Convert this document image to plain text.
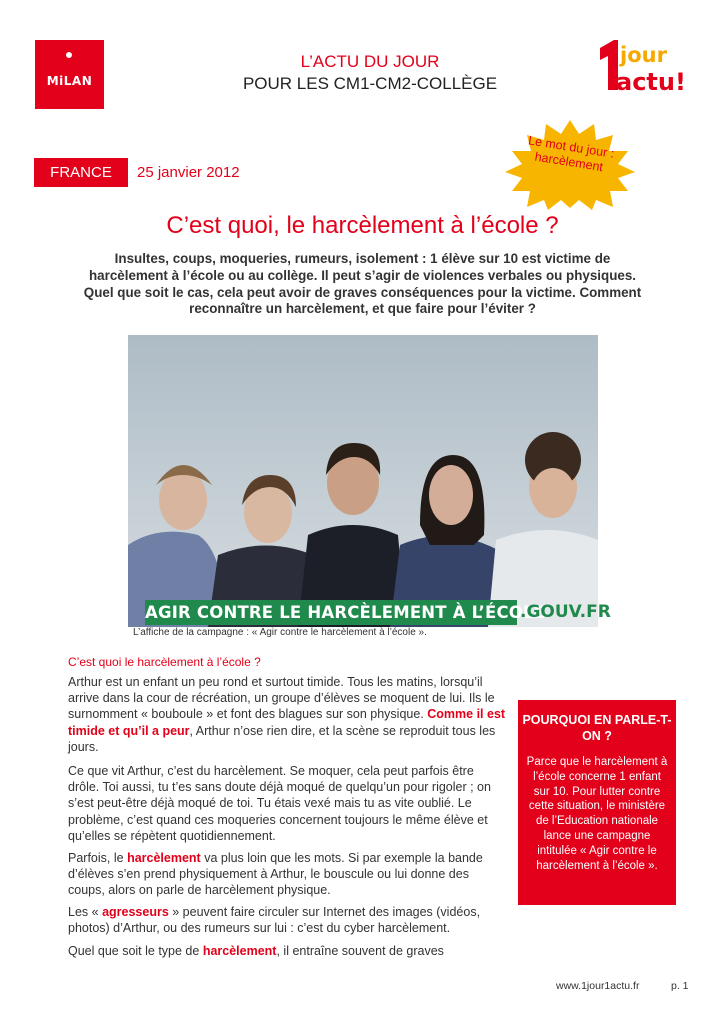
MiLAN
L’ACTU DU JOUR
POUR LES CM1-CM2-COLLÈGE
jour
actu!
Le mot du jour : harcèlement
FRANCE	25 janvier 2012
C’est quoi, le harcèlement à l’école ?
Insultes, coups, moqueries, rumeurs, isolement : 1 élève sur 10 est victime de
harcèlement à l’école ou au collège. Il peut s’agir de violences verbales ou physiques.
Quel que soit le cas, cela peut avoir de graves conséquences pour la victime. Comment
reconnaître un harcèlement, et que faire pour l’éviter ?
AGIR CONTRE LE HARCÈLEMENT À L’ÉCOLE
.GOUV.FR
L’affiche de la campagne : « Agir contre le harcèlement à l’école ».
C’est quoi le harcèlement à l’école ?

Arthur est un enfant un peu rond et surtout timide. Tous les matins, lorsqu’il arrive dans la cour de récréation, un groupe d’élèves se moquent de lui. Ils le surnomment « bouboule » et font des blagues sur son physique. Comme il est timide et qu’il a peur, Arthur n’ose rien dire, et la scène se reproduit tous les jours.

Ce que vit Arthur, c’est du harcèlement. Se moquer, cela peut parfois être drôle. Toi aussi, tu t’es sans doute déjà moqué de quelqu’un pour rigoler ; on s’est peut-être déjà moqué de toi. Tu étais vexé mais tu as vite oublié. Le problème, c’est quand ces moqueries concernent toujours le même élève et qu’elles se répètent quotidiennement.

Parfois, le harcèlement va plus loin que les mots. Si par exemple la bande d’élèves s’en prend physiquement à Arthur, le bouscule ou lui donne des coups, alors on parle de harcèlement physique.

Les « agresseurs » peuvent faire circuler sur Internet des images (vidéos, photos) d’Arthur, ou des rumeurs sur lui : c’est du cyber harcèlement.

Quel que soit le type de harcèlement, il entraîne souvent de graves

POURQUOI EN PARLE-T-ON ?
Parce que le harcèlement à l’école concerne 1 enfant sur 10. Pour lutter contre cette situation, le ministère de l’Education nationale lance une campagne intitulée « Agir contre le harcèlement à l’école ».
www.1jour1actu.fr	p. 1
